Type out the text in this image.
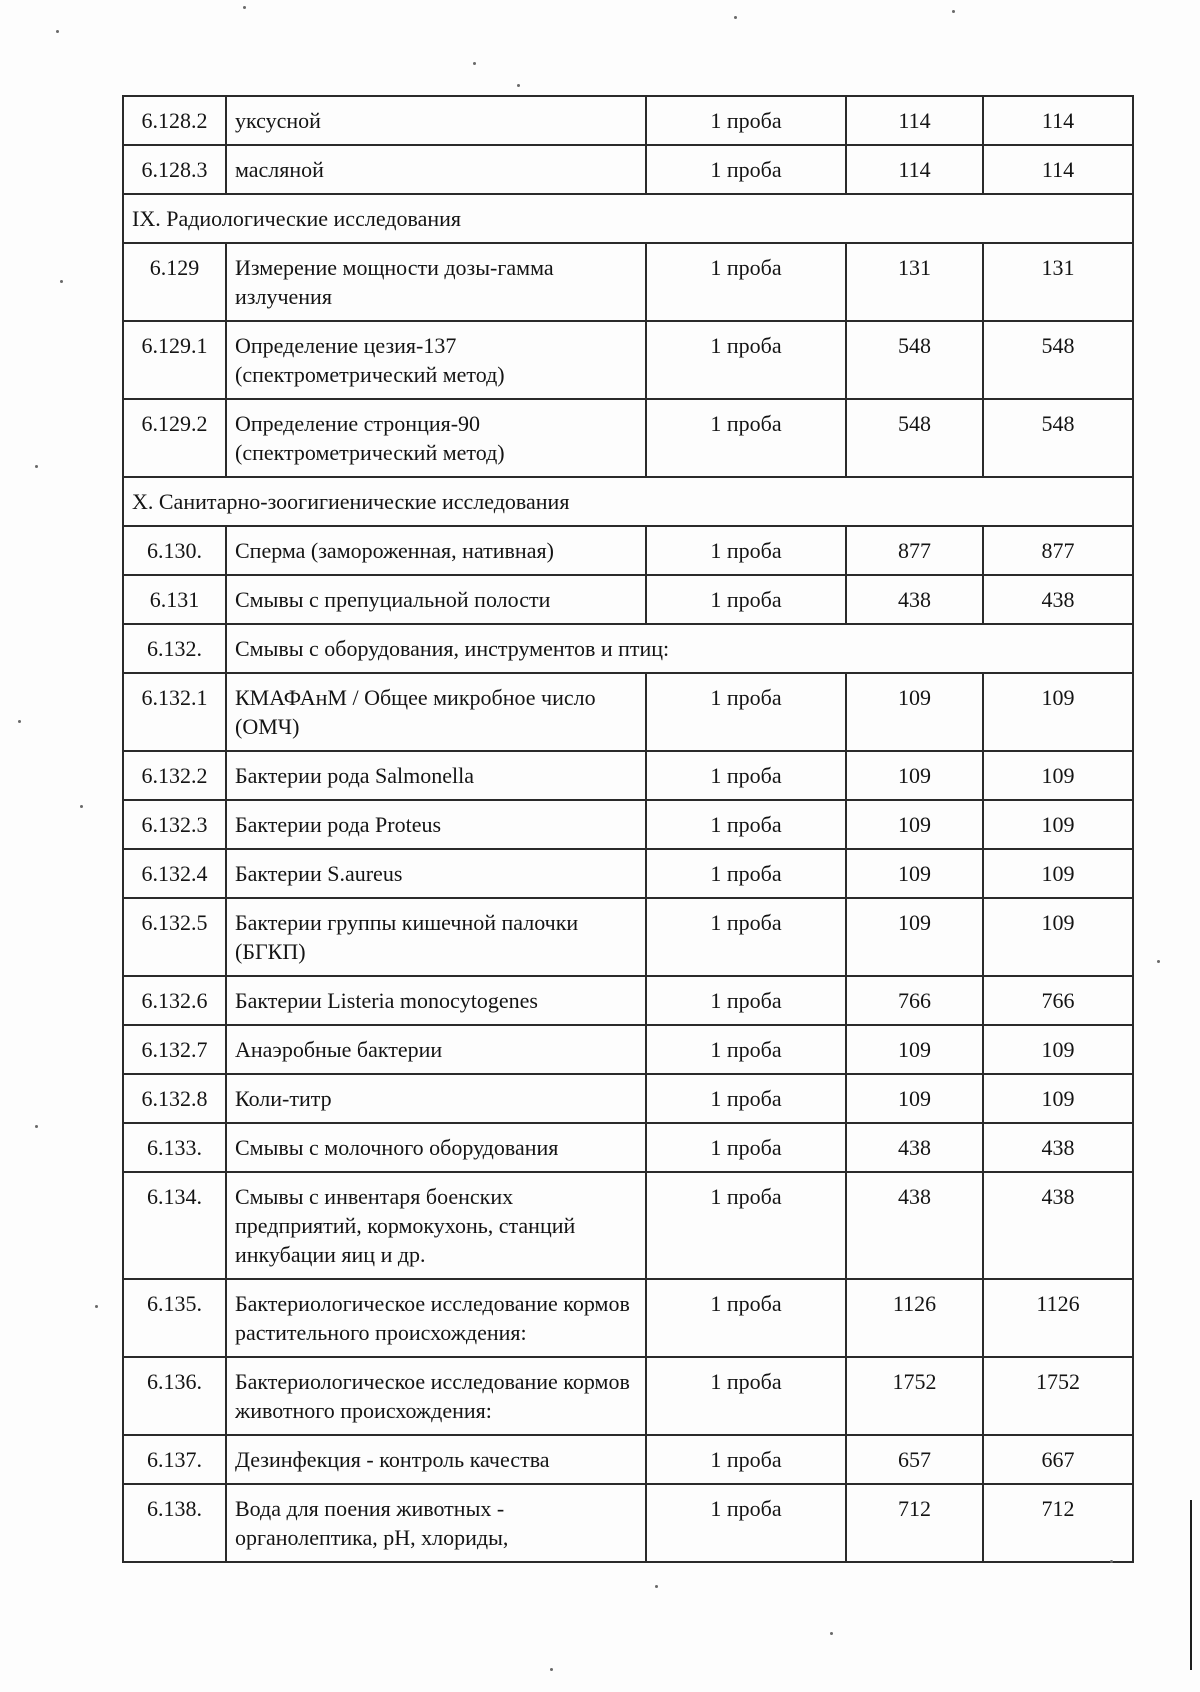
6.128.2	уксусной	1 проба	114	114
6.128.3	масляной	1 проба	114	114
IX. Радиологические исследования				
6.129	Измерение мощности дозы-гамма излучения	1 проба	131	131
6.129.1	Определение цезия-137 (спектрометрический метод)	1 проба	548	548
6.129.2	Определение стронция-90 (спектрометрический метод)	1 проба	548	548
X. Санитарно-зоогигиенические исследования				
6.130.	Сперма (замороженная, нативная)	1 проба	877	877
6.131	Смывы с препуциальной полости	1 проба	438	438
6.132.	Смывы с оборудования, инструментов и птиц:			
6.132.1	КМАФАнМ / Общее микробное число (ОМЧ)	1 проба	109	109
6.132.2	Бактерии рода Salmonella	1 проба	109	109
6.132.3	Бактерии рода Proteus	1 проба	109	109
6.132.4	Бактерии S.aureus	1 проба	109	109
6.132.5	Бактерии группы кишечной палочки (БГКП)	1 проба	109	109
6.132.6	Бактерии Listeria monocytogenes	1 проба	766	766
6.132.7	Анаэробные бактерии	1 проба	109	109
6.132.8	Коли-титр	1 проба	109	109
6.133.	Смывы с молочного оборудования	1 проба	438	438
6.134.	Смывы с инвентаря боенских предприятий, кормокухонь, станций инкубации яиц и др.	1 проба	438	438
6.135.	Бактериологическое исследование кормов растительного происхождения:	1 проба	1126	1126
6.136.	Бактериологическое исследование кормов животного происхождения:	1 проба	1752	1752
6.137.	Дезинфекция - контроль качества	1 проба	657	667
6.138.	Вода для поения животных - органолептика, pH, хлориды,	1 проба	712	712
